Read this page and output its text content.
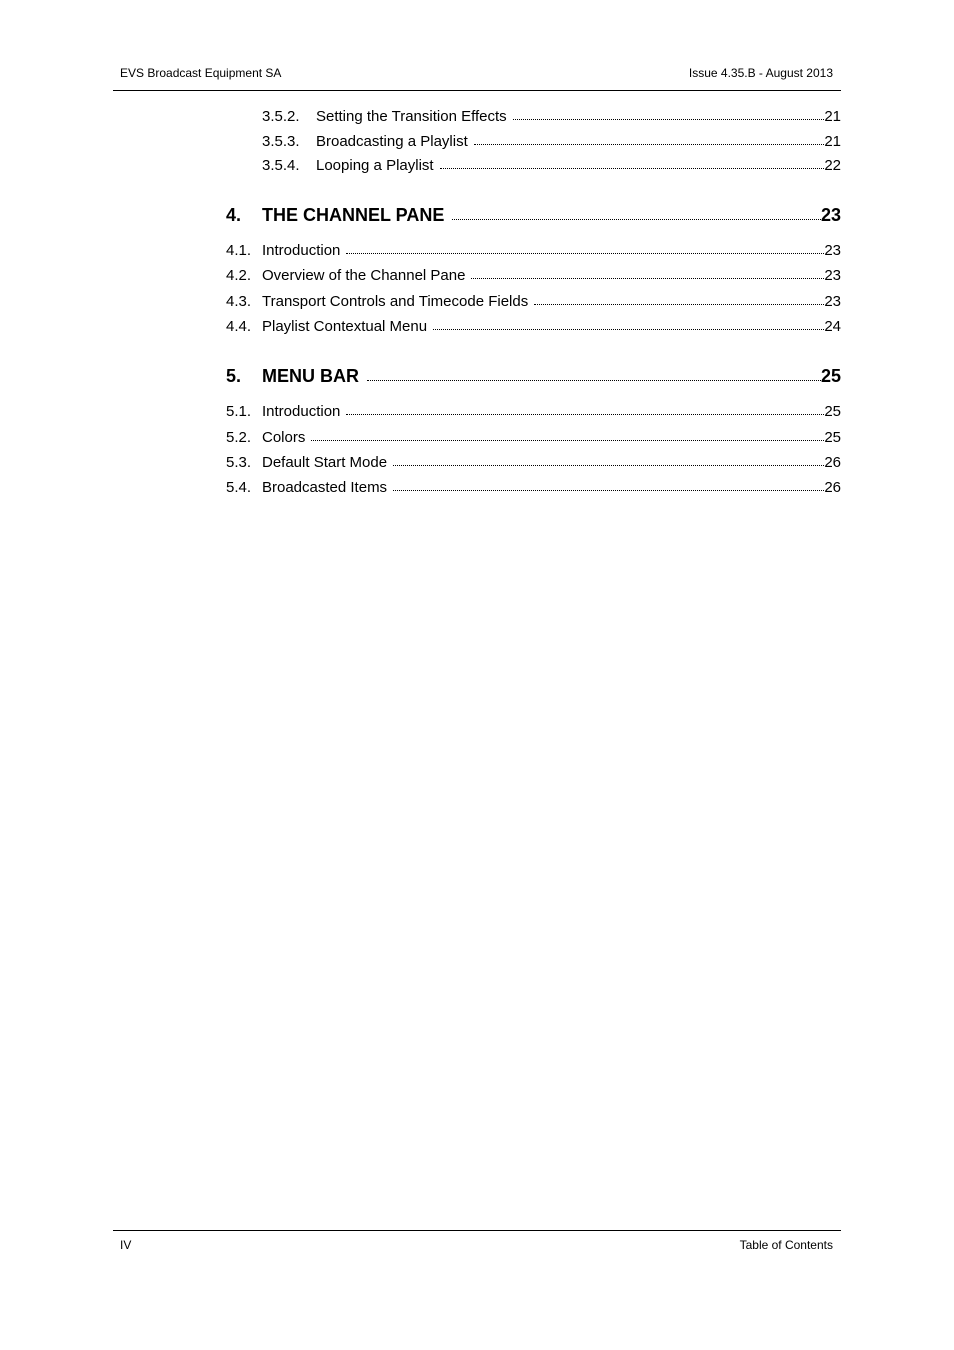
EVS Broadcast Equipment SA	Issue 4.35.B - August 2013
3.5.2.	Setting the Transition Effects	21
3.5.3.	Broadcasting a Playlist	21
3.5.4.	Looping a Playlist	22
4.	THE CHANNEL PANE	23
4.1. Introduction	23
4.2. Overview of the Channel Pane	23
4.3. Transport Controls and Timecode Fields	23
4.4. Playlist Contextual Menu	24
5.	MENU BAR	25
5.1. Introduction	25
5.2. Colors	25
5.3. Default Start Mode	26
5.4. Broadcasted Items	26
IV	Table of Contents
